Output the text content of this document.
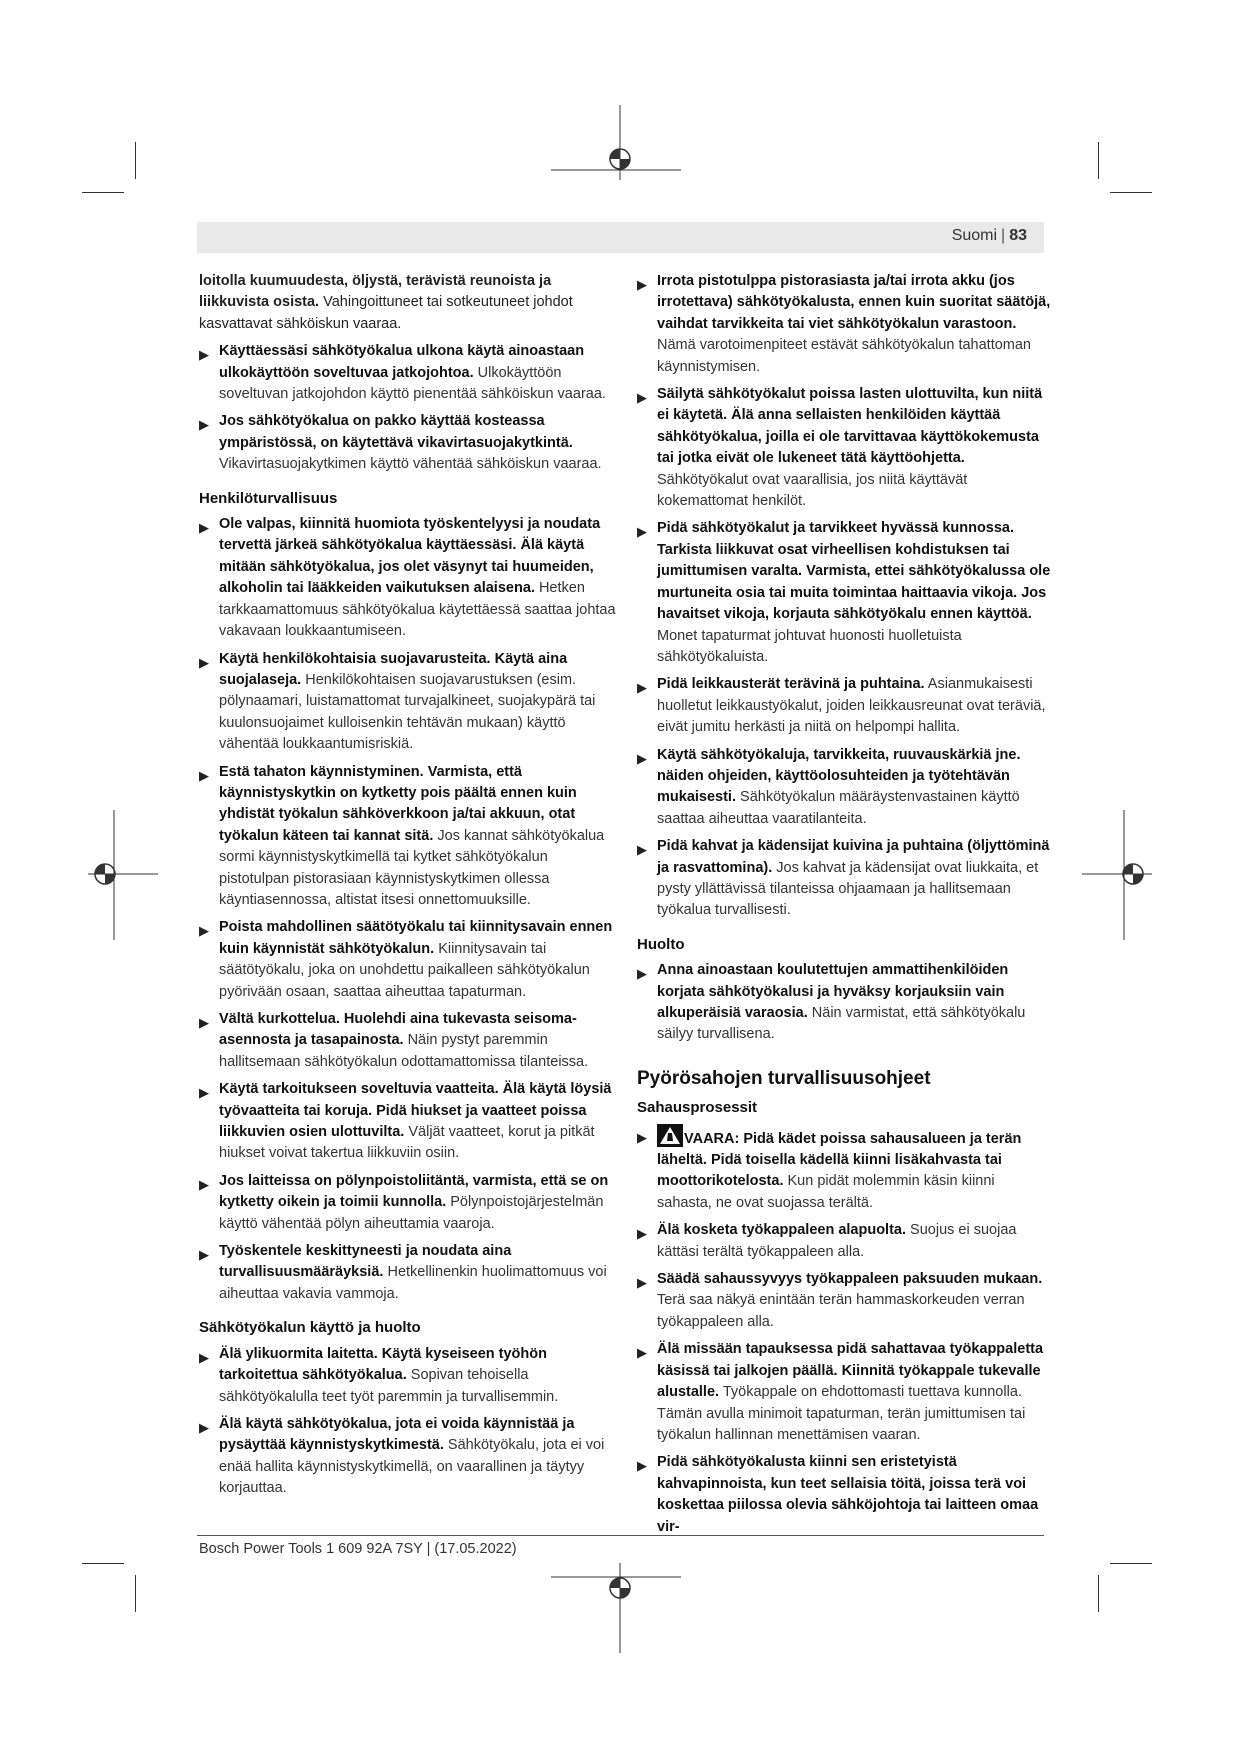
Suomi | 83
loitolla kuumuudesta, öljystä, terävistä reunoista ja liikkuvista osista. Vahingoittuneet tai sotkeutuneet johdot kasvattavat sähköiskun vaaraa.
▶ Käyttäessäsi sähkötyökalua ulkona käytä ainoastaan ulkokäyttöön soveltuvaa jatkojohtoa. Ulkokäyttöön soveltuvan jatkojohdon käyttö pienentää sähköiskun vaaraa.
▶ Jos sähkötyökalua on pakko käyttää kosteassa ympäristössä, on käytettävä vikavirtasuojakytkintä. Vikavirtasuojakytkimen käyttö vähentää sähköiskun vaaraa.
Henkilöturvallisuus
▶ Ole valpas, kiinnitä huomiota työskentelyysi ja noudata tervettä järkeä sähkötyökalua käyttäessäsi. Älä käytä mitään sähkötyökalua, jos olet väsynyt tai huumeiden, alkoholin tai lääkkeiden vaikutuksen alaisena. Hetken tarkkaamattomuus sähkötyökalua käytettäessä saattaa johtaa vakavaan loukkaantumiseen.
▶ Käytä henkilökohtaisia suojavarusteita. Käytä aina suojalaseja. Henkilökohtaisen suojavarustuksen (esim. pölynaamari, luistamattomat turvajalkineet, suojakypärä tai kuulonsuojaimet kulloisenkin tehtävän mukaan) käyttö vähentää loukkaantumisriskiä.
▶ Estä tahaton käynnistyminen. Varmista, että käynnistyskytkin on kytketty pois päältä ennen kuin yhdistät työkalun sähköverkkoon ja/tai akkuun, otat työkalun käteen tai kannat sitä. Jos kannat sähkötyökalua sormi käynnistyskytkimellä tai kytket sähkötyökalun pistotulpan pistorasiaan käynnistyskytkimen ollessa käyntiasennossa, altistat itsesi onnettomuuksille.
▶ Poista mahdollinen säätötyökalu tai kiinnitysavain ennen kuin käynnistät sähkötyökalun. Kiinnitysavain tai säätötyökalu, joka on unohdettu paikalleen sähkötyökalun pyörivään osaan, saattaa aiheuttaa tapaturman.
▶ Vältä kurkottelua. Huolehdi aina tukevasta seisoma-asennosta ja tasapainosta. Näin pystyt paremmin hallitsemaan sähkötyökalun odottamattomissa tilanteissa.
▶ Käytä tarkoitukseen soveltuvia vaatteita. Älä käytä löysiä työvaatteita tai koruja. Pidä hiukset ja vaatteet poissa liikkuvien osien ulottuvilta. Väljät vaatteet, korut ja pitkät hiukset voivat takertua liikkuviin osiin.
▶ Jos laitteissa on pölynpoistoliitäntä, varmista, että se on kytketty oikein ja toimii kunnolla. Pölynpoistojärjestelmän käyttö vähentää pölyn aiheuttamia vaaroja.
▶ Työskentele keskittyneesti ja noudata aina turvallisuusmääräyksiä. Hetkellinenkin huolimattomuus voi aiheuttaa vakavia vammoja.
Sähkötyökalun käyttö ja huolto
▶ Älä ylikuormita laitetta. Käytä kyseiseen työhön tarkoitettua sähkötyökalua. Sopivan tehoisella sähkötyökalulla teet työt paremmin ja turvallisemmin.
▶ Älä käytä sähkötyökalua, jota ei voida käynnistää ja pysäyttää käynnistyskytkimestä. Sähkötyökalu, jota ei voi enää hallita käynnistyskytkimellä, on vaarallinen ja täytyy korjauttaa.
▶ Irrota pistotulppa pistorasiasta ja/tai irrota akku (jos irrotettava) sähkötyökalusta, ennen kuin suoritat säätöjä, vaihdat tarvikkeita tai viet sähkötyökalun varastoon. Nämä varotoimenpiteet estävät sähkötyökalun tahattoman käynnistymisen.
▶ Säilytä sähkötyökalut poissa lasten ulottuvilta, kun niitä ei käytetä. Älä anna sellaisten henkilöiden käyttää sähkötyökalua, joilla ei ole tarvittavaa käyttökokemusta tai jotka eivät ole lukeneet tätä käyttöohjetta. Sähkötyökalut ovat vaarallisia, jos niitä käyttävät kokemattomat henkilöt.
▶ Pidä sähkötyökalut ja tarvikkeet hyvässä kunnossa. Tarkista liikkuvat osat virheellisen kohdistuksen tai jumittumisen varalta. Varmista, ettei sähkötyökalussa ole murtuneita osia tai muita toimintaa haittaavia vikoja. Jos havaitset vikoja, korjauta sähkötyökalu ennen käyttöä. Monet tapaturmat johtuvat huonosti huolletuista sähkötyökaluista.
▶ Pidä leikkausterät terävinä ja puhtaina. Asianmukaisesti huolletut leikkaustyökalut, joiden leikkausreunat ovat teräviä, eivät jumitu herkästi ja niitä on helpompi hallita.
▶ Käytä sähkötyökaluja, tarvikkeita, ruuvauskärkiä jne. näiden ohjeiden, käyttöolosuhteiden ja työtehtävän mukaisesti. Sähkötyökalun määräystenvastainen käyttö saattaa aiheuttaa vaaratilanteita.
▶ Pidä kahvat ja kädensijat kuivina ja puhtaina (öljyttöminä ja rasvattomina). Jos kahvat ja kädensijat ovat liukkaita, et pysty yllättävissä tilanteissa ohjaamaan ja hallitsemaan työkalua turvallisesti.
Huolto
▶ Anna ainoastaan koulutettujen ammattihenkilöiden korjata sähkötyökalusi ja hyväksy korjauksiin vain alkuperäisiä varaosia. Näin varmistat, että sähkötyökalu säilyy turvallisena.
Pyörösahojen turvallisuusohjeet
Sahausprosessit
▶	VAARA: Pidä kädet poissa sahausalueen ja terän läheltä. Pidä toisella kädellä kiinni lisäkahvasta tai moottorikotelosta. Kun pidät molemmin käsin kiinni sahasta, ne ovat suojassa terältä.
▶ Älä kosketa työkappaleen alapuolta. Suojus ei suojaa kättäsi terältä työkappaleen alla.
▶ Säädä sahaussyvyys työkappaleen paksuuden mukaan. Terä saa näkyä enintään terän hammaskorkeuden verran työkappaleen alla.
▶ Älä missään tapauksessa pidä sahattavaa työkappaletta käsissä tai jalkojen päällä. Kiinnitä työkappale tukevalle alustalle. Työkappale on ehdottomasti tuettava kunnolla. Tämän avulla minimoit tapaturman, terän jumittumisen tai työkalun hallinnan menettämisen vaaran.
▶ Pidä sähkötyökalusta kiinni sen eristetyistä kahvapinnoista, kun teet sellaisia töitä, joissa terä voi koskettaa piilossa olevia sähköjohtoja tai laitteen omaa vir-
Bosch Power Tools 1 609 92A 7SY | (17.05.2022)
